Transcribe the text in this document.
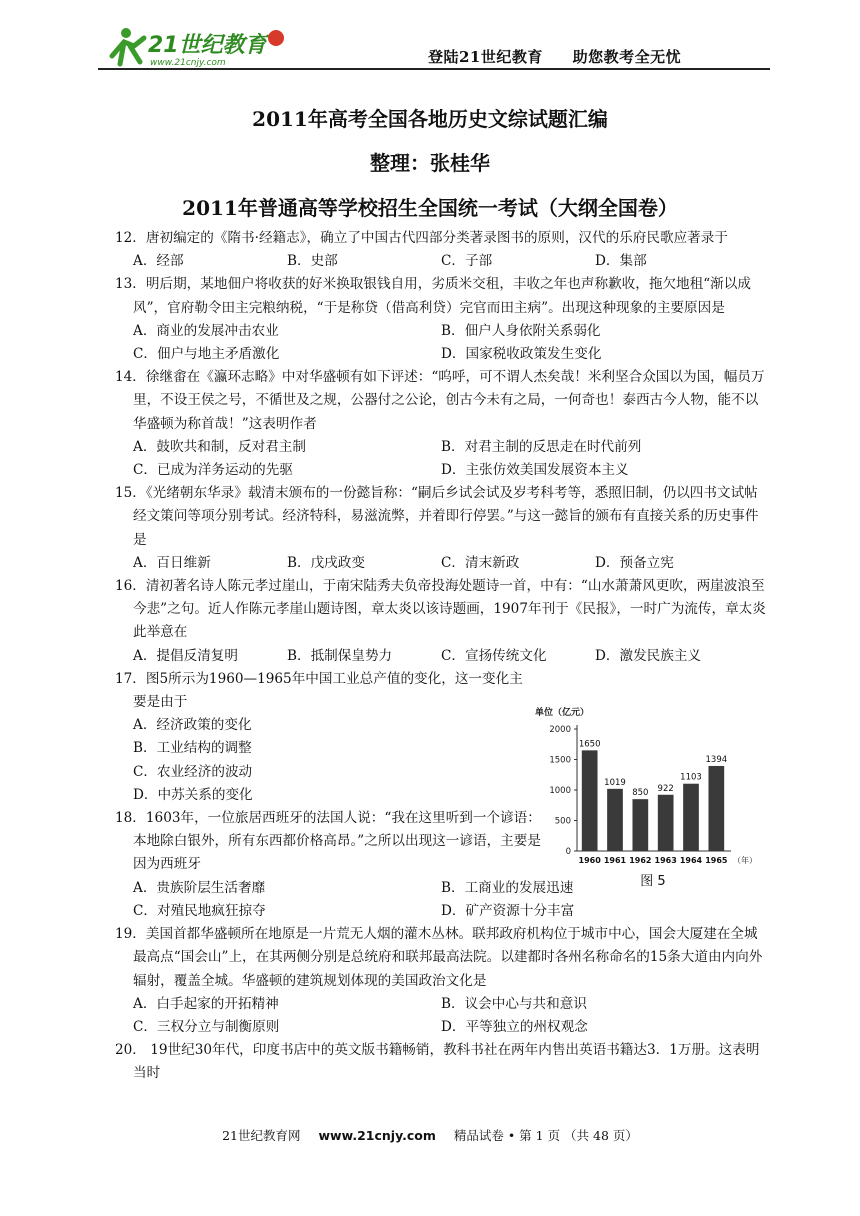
21世纪教育
www.21cnjy.com	登陆21世纪教育 助您教考全无忧
2011年高考全国各地历史文综试题汇编
整理：张桂华
2011年普通高等学校招生全国统一考试（大纲全国卷）
12．唐初编定的《隋书·经籍志》，确立了中国古代四部分类著录图书的原则，汉代的乐府民歌应著录于
A．经部	B．史部	C．子部	D．集部
13．明后期，某地佃户将收获的好米换取银钱自用，劣质米交租，丰收之年也声称歉收，拖欠地租“渐以成风”，官府勒令田主完粮纳税，“于是称贷（借高利贷）完官而田主病”。出现这种现象的主要原因是
A．商业的发展冲击农业	B．佃户人身依附关系弱化
C．佃户与地主矛盾激化	D．国家税收政策发生变化
14．徐继畬在《瀛环志略》中对华盛顿有如下评述：“呜呼，可不谓人杰矣哉！米利坚合众国以为国，幅员万里，不设王侯之号，不循世及之规，公器付之公论，创古今未有之局，一何奇也！泰西古今人物，能不以华盛顿为称首哉！”这表明作者
A．鼓吹共和制，反对君主制	B．对君主制的反思走在时代前列
C．已成为洋务运动的先驱	D．主张仿效美国发展资本主义
15．《光绪朝东华录》载清末颁布的一份懿旨称：“嗣后乡试会试及岁考科考等，悉照旧制，仍以四书文试帖经文策问等项分别考试。经济特科，易滋流弊，并着即行停罢。”与这一懿旨的颁布有直接关系的历史事件是
A．百日维新	B．戊戌政变	C．清末新政	D．预备立宪
16．清初著名诗人陈元孝过崖山，于南宋陆秀夫负帝投海处题诗一首，中有：“山水萧萧风更吹，两崖波浪至今悲”之句。近人作陈元孝崖山题诗图，章太炎以该诗题画，1907年刊于《民报》，一时广为流传，章太炎此举意在
A．提倡反清复明	B．抵制保皇势力	C．宣扬传统文化	D．激发民族主义
17．图5所示为1960—1965年中国工业总产值的变化，这一变化主要是由于
A．经济政策的变化
B．工业结构的调整
C．农业经济的波动
D．中苏关系的变化
18．1603年，一位旅居西班牙的法国人说：“我在这里听到一个谚语：本地除白银外，所有东西都价格高昂。”之所以出现这一谚语，主要是因为西班牙
A．贵族阶层生活奢靡	B．工商业的发展迅速
C．对殖民地疯狂掠夺	D．矿产资源十分丰富
19．美国首都华盛顿所在地原是一片荒无人烟的灌木丛林。联邦政府机构位于城市中心，国会大厦建在全城最高点“国会山”上，在其两侧分别是总统府和联邦最高法院。以建都时各州名称命名的15条大道由内向外辐射，覆盖全城。华盛顿的建筑规划体现的美国政治文化是
A．白手起家的开拓精神	B．议会中心与共和意识
C．三权分立与制衡原则	D．平等独立的州权观念
20． 19世纪30年代，印度书店中的英文版书籍畅销，教科书社在两年内售出英语书籍达3．1万册。这表明当时
单位（亿元）
0
500
1000
1500
2000
1650
1960
1019
1961
850
1962
922
1963
1103
1964
1394
1965 （年）
图 5
21世纪教育网 www.21cnjy.com 精品试卷 • 第 1 页 （共 48 页）
